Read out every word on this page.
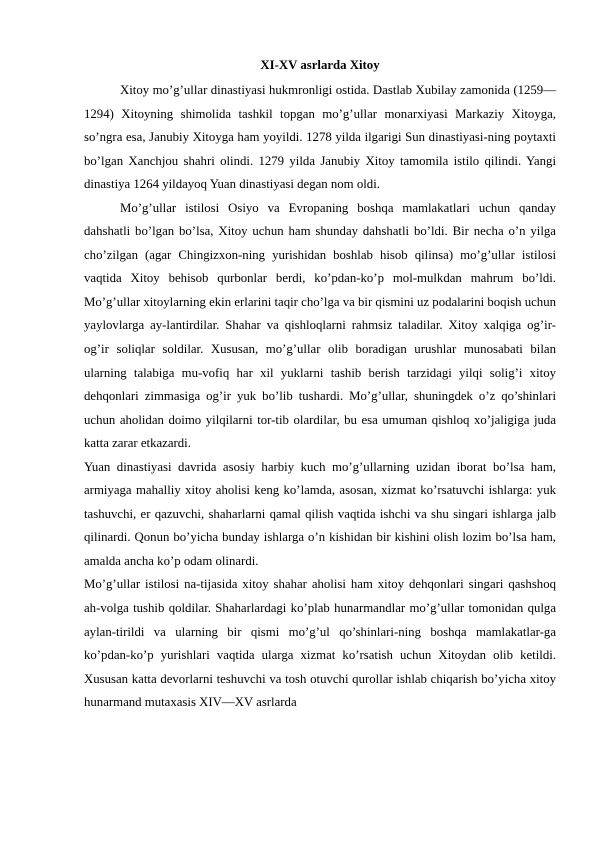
XI-XV asrlarda Xitoy

Xitoy mo’g’ullar dinastiyasi hukmronligi ostida. Dastlab Xubilay zamonida (1259—1294) Xitoyning shimolida tashkil topgan mo’g’ullar monarxiyasi Markaziy Xitoyga, so’ngra esa, Janubiy Xitoyga ham yoyildi. 1278 yilda ilgarigi Sun dinastiyasi-ning poytaxti bo’lgan Xanchjou shahri olindi. 1279 yilda Janubiy Xitoy tamomila istilo qilindi. Yangi dinastiya 1264 yildayoq Yuan dinastiyasi degan nom oldi.

Mo’g’ullar istilosi Osiyo va Evropaning boshqa mamlakatlari uchun qanday dahshatli bo’lgan bo’lsa, Xitoy uchun ham shunday dahshatli bo’ldi. Bir necha o’n yilga cho’zilgan (agar Chingizxon-ning yurishidan boshlab hisob qilinsa) mo’g’ullar istilosi vaqtida Xitoy behisob qurbonlar berdi, ko’pdan-ko’p mol-mulkdan mahrum bo’ldi. Mo’g’ullar xitoylarning ekin erlarini taqir cho’lga va bir qismini uz podalarini boqish uchun yaylovlarga ay-lantirdilar. Shahar va qishloqlarni rahmsiz taladilar. Xitoy xalqiga og’ir-og’ir soliqlar soldilar. Xususan, mo’g’ullar olib boradigan urushlar munosabati bilan ularning talabiga mu-vofiq har xil yuklarni tashib berish tarzidagi yilqi solig’i xitoy dehqonlari zimmasiga og’ir yuk bo’lib tushardi. Mo’g’ullar, shuningdek o’z qo’shinlari uchun aholidan doimo yilqilarni tor-tib olardilar, bu esa umuman qishloq xo’jaligiga juda katta zarar etkazardi.

Yuan dinastiyasi davrida asosiy harbiy kuch mo’g’ullarning uzidan iborat bo’lsa ham, armiyaga mahalliy xitoy aholisi keng ko’lamda, asosan, xizmat ko’rsatuvchi ishlarga: yuk tashuvchi, er qazuvchi, shaharlarni qamal qilish vaqtida ishchi va shu singari ishlarga jalb qilinardi. Qonun bo’yicha bunday ishlarga o’n kishidan bir kishini olish lozim bo’lsa ham, amalda ancha ko’p odam olinardi.

Mo’g’ullar istilosi na-tijasida xitoy shahar aholisi ham xitoy dehqonlari singari qashshoq ah-volga tushib qoldilar. Shaharlardagi ko’plab hunarmandlar mo’g’ullar tomonidan qulga aylan-tirildi va ularning bir qismi mo’g’ul qo’shinlari-ning boshqa mamlakatlar-ga ko’pdan-ko’p yurishlari vaqtida ularga xizmat ko’rsatish uchun Xitoydan olib ketildi. Xususan katta devorlarni teshuvchi va tosh otuvchi qurollar ishlab chiqarish bo’yicha xitoy hunarmand mutaxasis XIV—XV asrlarda
